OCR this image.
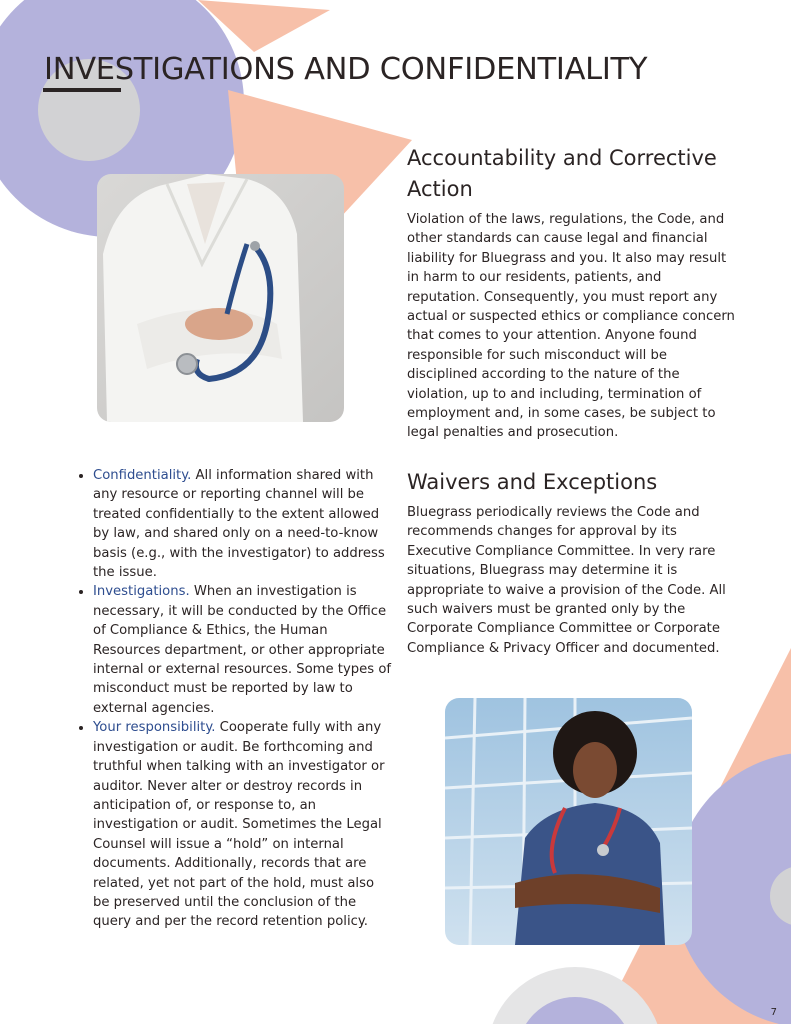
INVESTIGATIONS AND CONFIDENTIALITY
Accountability and Corrective Action

Violation of the laws, regulations, the Code, and other standards can cause legal and financial liability for Bluegrass and you. It also may result in harm to our residents, patients, and reputation. Consequently, you must report any actual or suspected ethics or compliance concern that comes to your attention. Anyone found responsible for such misconduct will be disciplined according to the nature of the violation, up to and including, termination of employment and, in some cases, be subject to legal penalties and prosecution.

Waivers and Exceptions

Bluegrass periodically reviews the Code and recommends changes for approval by its Executive Compliance Committee. In very rare situations, Bluegrass may determine it is appropriate to waive a provision of the Code. All such waivers must be granted only by the Corporate Compliance Committee or Corporate Compliance & Privacy Officer and documented.

• Confidentiality. All information shared with any resource or reporting channel will be treated confidentially to the extent allowed by law, and shared only on a need-to-know basis (e.g., with the investigator) to address the issue.
• Investigations. When an investigation is necessary, it will be conducted by the Office of Compliance & Ethics, the Human Resources department, or other appropriate internal or external resources. Some types of misconduct must be reported by law to external agencies.
• Your responsibility. Cooperate fully with any investigation or audit. Be forthcoming and truthful when talking with an investigator or auditor. Never alter or destroy records in anticipation of, or response to, an investigation or audit. Sometimes the Legal Counsel will issue a “hold” on internal documents. Additionally, records that are related, yet not part of the hold, must also be preserved until the conclusion of the query and per the record retention policy.
7
